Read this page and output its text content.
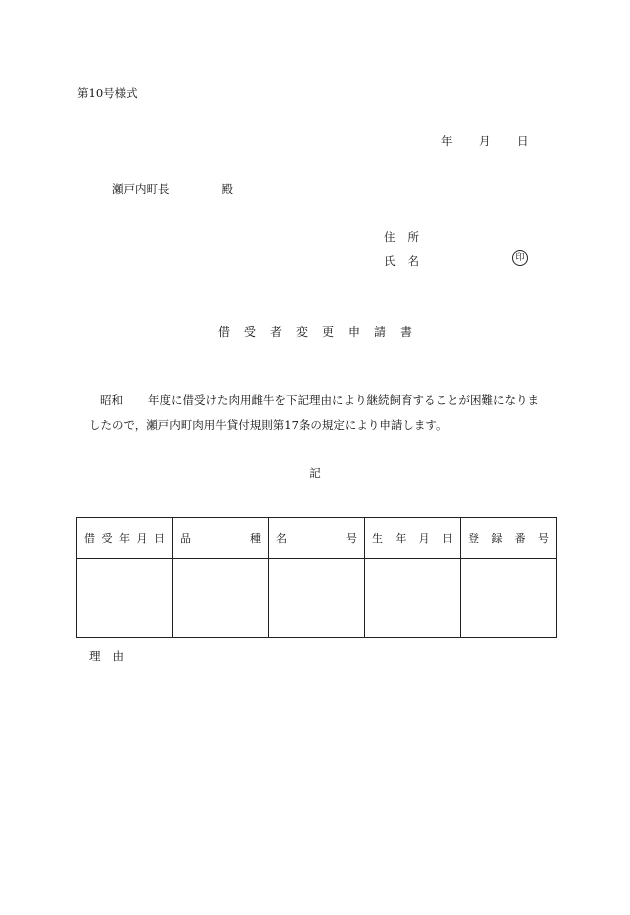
第10号様式
年 月 日
瀬戸内町長	殿
住所
氏名	印
借受者変更申請書
昭和 年度に借受けた肉用雌牛を下記理由により継続飼育することが困難になりま
したので，瀬戸内町肉用牛貸付規則第17条の規定により申請します。
記
借 受 年 月 日	品 種	名 号	生 年 月 日	登 録 番 号

理由
